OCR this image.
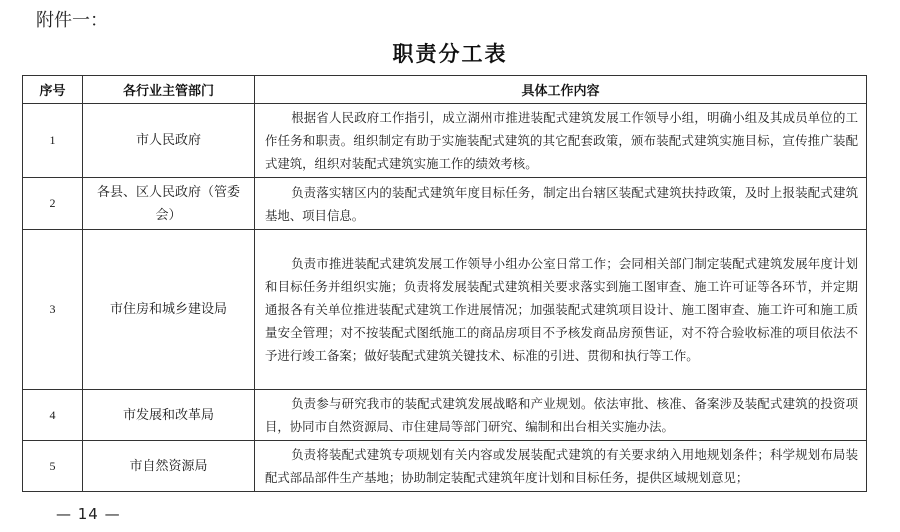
附件一：
职责分工表
序号	各行业主管部门	具体工作内容
1	市人民政府	根据省人民政府工作指引，成立湖州市推进装配式建筑发展工作领导小组，明确小组及其成员单位的工作任务和职责。组织制定有助于实施装配式建筑的其它配套政策，颁布装配式建筑实施目标，宣传推广装配式建筑，组织对装配式建筑实施工作的绩效考核。
2	各县、区人民政府（管委会）	负责落实辖区内的装配式建筑年度目标任务，制定出台辖区装配式建筑扶持政策，及时上报装配式建筑基地、项目信息。
3	市住房和城乡建设局	负责市推进装配式建筑发展工作领导小组办公室日常工作；会同相关部门制定装配式建筑发展年度计划和目标任务并组织实施；负责将发展装配式建筑相关要求落实到施工图审查、施工许可证等各环节，并定期通报各有关单位推进装配式建筑工作进展情况；加强装配式建筑项目设计、施工图审查、施工许可和施工质量安全管理；对不按装配式图纸施工的商品房项目不予核发商品房预售证，对不符合验收标准的项目依法不予进行竣工备案；做好装配式建筑关键技术、标准的引进、贯彻和执行等工作。
4	市发展和改革局	负责参与研究我市的装配式建筑发展战略和产业规划。依法审批、核准、备案涉及装配式建筑的投资项目，协同市自然资源局、市住建局等部门研究、编制和出台相关实施办法。
5	市自然资源局	负责将装配式建筑专项规划有关内容或发展装配式建筑的有关要求纳入用地规划条件；科学规划布局装配式部品部件生产基地；协助制定装配式建筑年度计划和目标任务，提供区域规划意见；
— 14 —
